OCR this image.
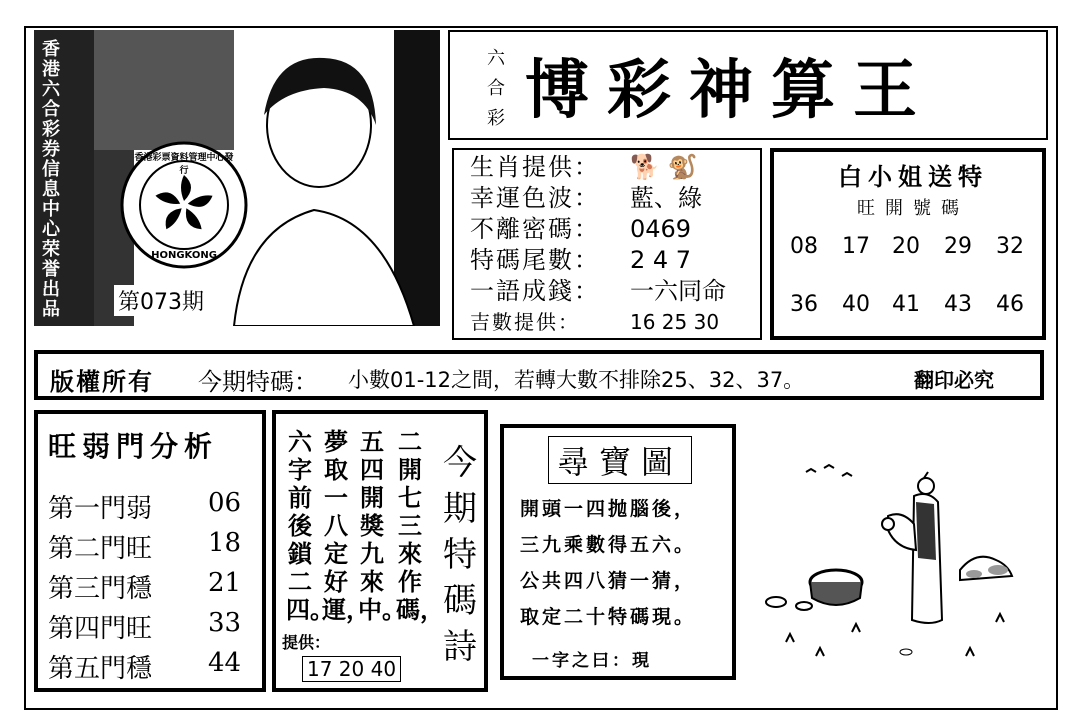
香港六合彩券信息中心荣誉出品
香港彩票資料管理中心發行
HONGKONG
第073期
六
合
彩 博彩神算王
生肖提供： 🐕 🐒
幸運色波： 藍、綠
不離密碼： 0469
特碼尾數： 2 4 7
一語成錢： 一六同命
吉數提供：	16 25 30
白小姐送特
旺開號碼
08 17 20 29 32
36 40 41 43 46
版權所有 今期特碼： 小數01-12之間，若轉大數不排除25、32、37。	翻印必究
旺弱門分析
第一門弱 06
第二門旺 18
第三門穩 21
第四門旺 33
第五門穩 44
二開七三來作碼，
五四開獎九來中。
夢取一八定好運，
六字前後鎖二四。
今期特碼詩
提供：
17 20 40
尋寶圖
開頭一四抛腦後，
三九乘數得五六。
公共四八猜一猜，
取定二十特碼現。
一字之曰：現
